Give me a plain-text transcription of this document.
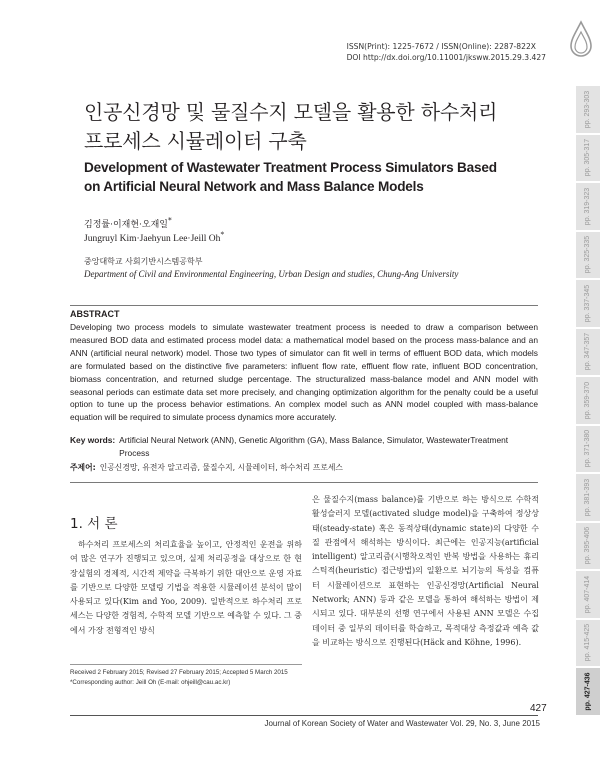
ISSN(Print): 1225-7672 / ISSN(Online): 2287-822X
DOI http://dx.doi.org/10.11001/jksww.2015.29.3.427
pp. 293-303
pp. 305-317
pp. 319-323
pp. 325-335
pp. 337-345
pp. 347-357
pp. 359-370
pp. 371-380
pp. 381-393
pp. 395-406
pp. 407-414
pp. 415-425
pp. 427-436
인공신경망 및 물질수지 모델을 활용한 하수처리
프로세스 시뮬레이터 구축
Development of Wastewater Treatment Process Simulators Based
on Artificial Neural Network and Mass Balance Models
김정률·이재현·오재일*
Jungruyl Kim·Jaehyun Lee·Jeill Oh*
중앙대학교 사회기반시스템공학부
Department of Civil and Environmental Engineering, Urban Design and studies, Chung-Ang University
ABSTRACT
Developing two process models to simulate wastewater treatment process is needed to draw a comparison between measured BOD data and estimated process model data: a mathematical model based on the process mass-balance and an ANN (artificial neural network) model. Those two types of simulator can fit well in terms of effluent BOD data, which models are formulated based on the distinctive five parameters: influent flow rate, effluent flow rate, influent BOD concentration, biomass concentration, and returned sludge percentage. The structuralized mass-balance model and ANN model with seasonal periods can estimate data set more precisely, and changing optimization algorithm for the penalty could be a useful option to tune up the process behavior estimations. An complex model such as ANN model coupled with mass-balance equation will be required to simulate process dynamics more accurately.
Key words: Artificial Neural Network (ANN), Genetic Algorithm (GA), Mass Balance, Simulator, WastewaterTreatment Process
주제어: 인공신경망, 유전자 알고리즘, 물질수지, 시뮬레이터, 하수처리 프로세스
1. 서 론
하수처리 프로세스의 처리효율을 높이고, 안정적인 운전을 위하여 많은 연구가 진행되고 있으며, 실제 처리공정을 대상으로 한 현장실험의 경제적, 시간적 제약을 극복하기 위한 대안으로 운영 자료를 기반으로 다양한 모델링 기법을 적용한 시뮬레이션 분석이 많이 사용되고 있다(Kim and Yoo, 2009). 일반적으로 하수처리 프로세스는 다양한 경험적, 수학적 모델 기반으로 예측할 수 있다. 그 중에서 가장 전형적인 방식
은 물질수지(mass balance)를 기반으로 하는 방식으로 수학적 활성슬러지 모델(activated sludge model)을 구축하여 정상상태(steady-state) 혹은 동적상태(dynamic state)의 다양한 수질 관점에서 해석하는 방식이다. 최근에는 인공지능(artificial intelligent) 알고리즘(시행착오적인 반복 방법을 사용하는 휴리스틱적(heuristic) 접근방법)의 일환으로 뇌기능의 특성을 컴퓨터 시뮬레이션으로 표현하는 인공신경망(Artificial Neural Network; ANN) 등과 같은 모델을 통하여 해석하는 방법이 제시되고 있다. 대부분의 선행 연구에서 사용된 ANN 모델은 수집 데이터 중 일부의 데이터를 학습하고, 목적대상 측정값과 예측 값을 비교하는 방식으로 진행된다(Häck and Köhne, 1996).
Received 2 February 2015; Revised 27 February 2015; Accepted 5 March 2015
*Corresponding author: Jeill Oh (E-mail: ohjeill@cau.ac.kr)
427
Journal of Korean Society of Water and Wastewater Vol. 29, No. 3, June 2015
